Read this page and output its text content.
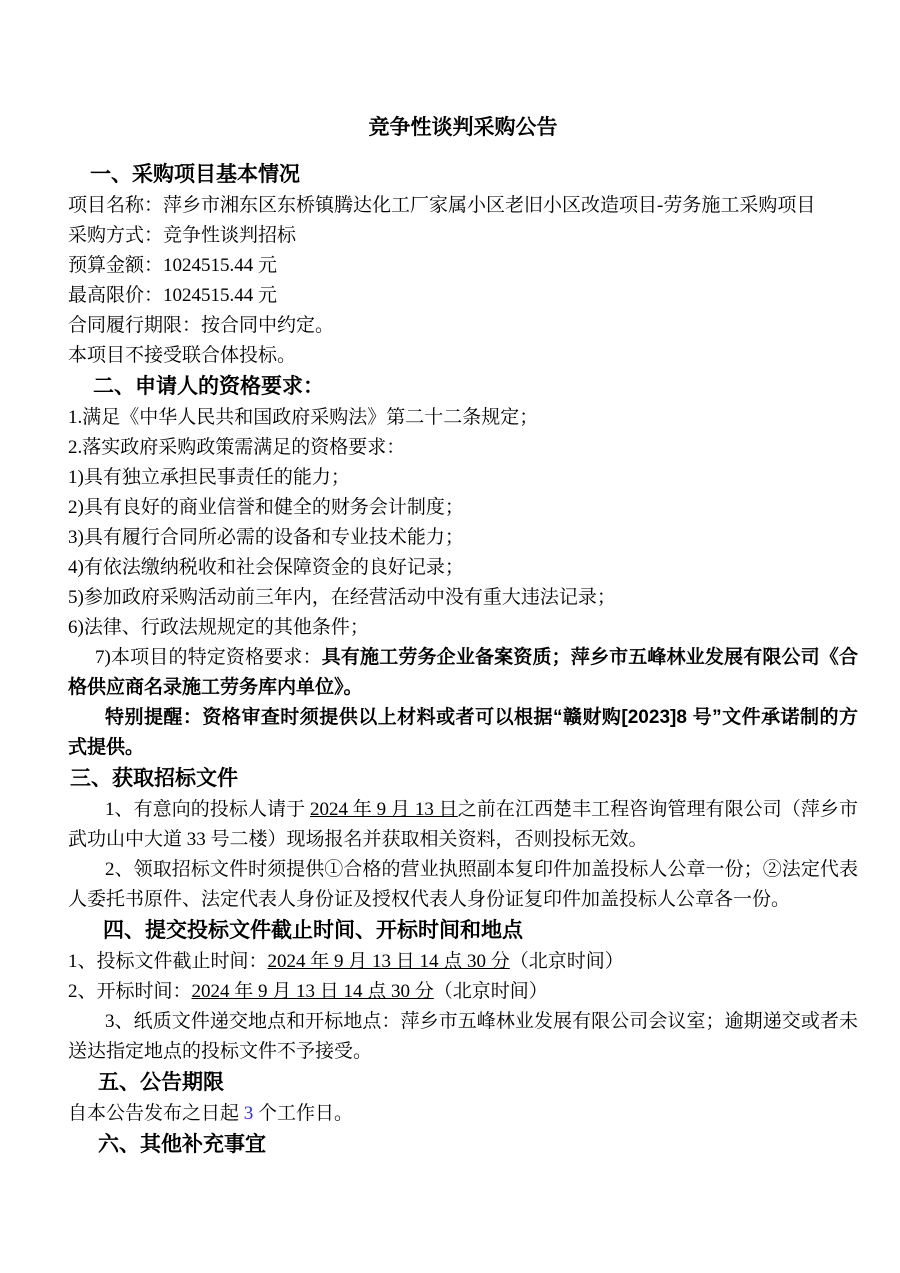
竞争性谈判采购公告
一、采购项目基本情况

项目名称：萍乡市湘东区东桥镇腾达化工厂家属小区老旧小区改造项目-劳务施工采购项目

采购方式：竞争性谈判招标

预算金额：1024515.44 元

最高限价：1024515.44 元

合同履行期限：按合同中约定。

本项目不接受联合体投标。

二、申请人的资格要求：

1.满足《中华人民共和国政府采购法》第二十二条规定；

2.落实政府采购政策需满足的资格要求：

1)具有独立承担民事责任的能力；

2)具有良好的商业信誉和健全的财务会计制度；

3)具有履行合同所必需的设备和专业技术能力；

4)有依法缴纳税收和社会保障资金的良好记录；

5)参加政府采购活动前三年内，在经营活动中没有重大违法记录；

6)法律、行政法规规定的其他条件；

7)本项目的特定资格要求：具有施工劳务企业备案资质；萍乡市五峰林业发展有限公司《合格供应商名录施工劳务库内单位》。

特别提醒：资格审查时须提供以上材料或者可以根据“赣财购[2023]8 号”文件承诺制的方式提供。

三、获取招标文件

1、有意向的投标人请于 2024 年 9 月 13 日之前在江西楚丰工程咨询管理有限公司（萍乡市武功山中大道 33 号二楼）现场报名并获取相关资料，否则投标无效。

2、领取招标文件时须提供①合格的营业执照副本复印件加盖投标人公章一份；②法定代表人委托书原件、法定代表人身份证及授权代表人身份证复印件加盖投标人公章各一份。

四、提交投标文件截止时间、开标时间和地点

1、投标文件截止时间：2024 年 9 月 13 日 14 点 30 分（北京时间）

2、开标时间：2024 年 9 月 13 日 14 点 30 分（北京时间）

3、纸质文件递交地点和开标地点：萍乡市五峰林业发展有限公司会议室；逾期递交或者未送达指定地点的投标文件不予接受。

五、公告期限

自本公告发布之日起 3 个工作日。

六、其他补充事宜
